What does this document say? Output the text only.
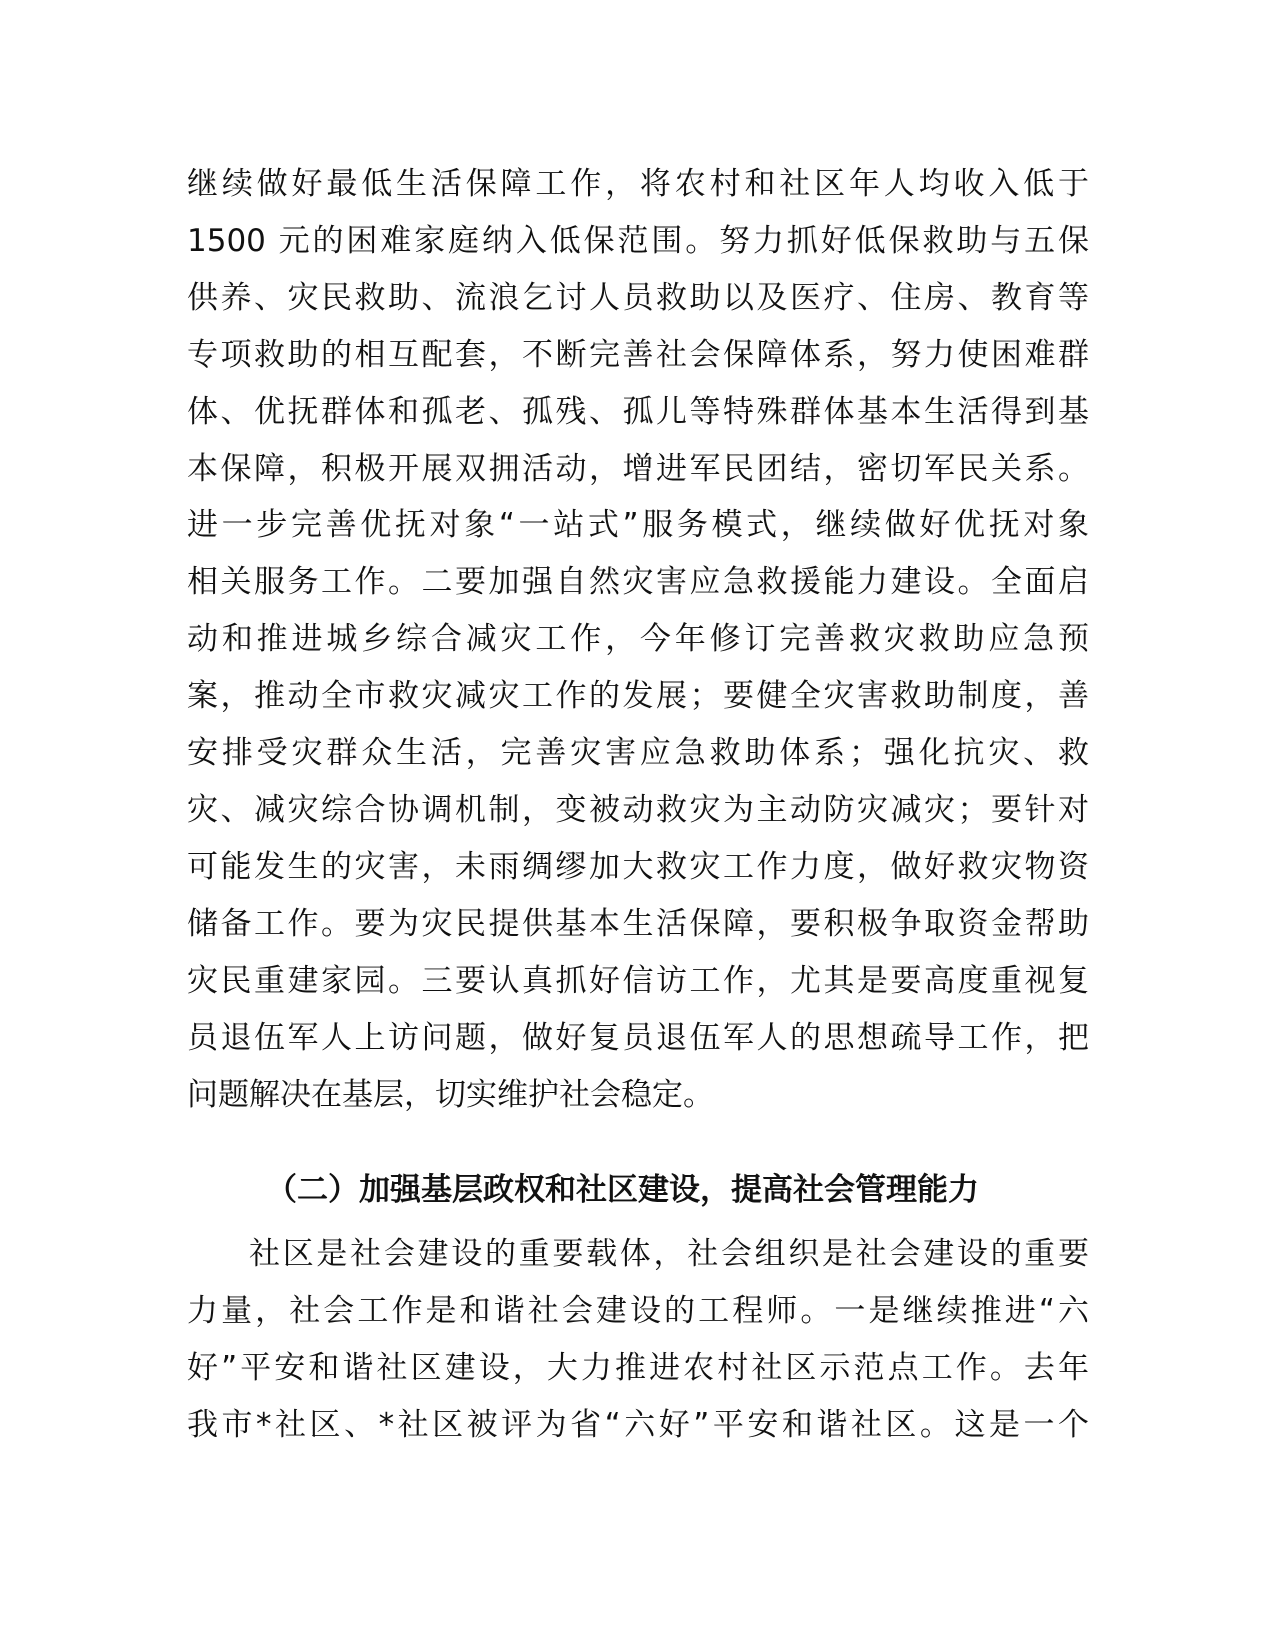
继续做好最低生活保障工作，将农村和社区年人均收入低于
1500 元的困难家庭纳入低保范围。努力抓好低保救助与五保
供养、灾民救助、流浪乞讨人员救助以及医疗、住房、教育等
专项救助的相互配套，不断完善社会保障体系，努力使困难群
体、优抚群体和孤老、孤残、孤儿等特殊群体基本生活得到基
本保障，积极开展双拥活动，增进军民团结，密切军民关系。
进一步完善优抚对象“一站式”服务模式，继续做好优抚对象
相关服务工作。二要加强自然灾害应急救援能力建设。全面启
动和推进城乡综合减灾工作，今年修订完善救灾救助应急预
案，推动全市救灾减灾工作的发展；要健全灾害救助制度，善
安排受灾群众生活，完善灾害应急救助体系；强化抗灾、救
灾、减灾综合协调机制，变被动救灾为主动防灾减灾；要针对
可能发生的灾害，未雨绸缪加大救灾工作力度，做好救灾物资
储备工作。要为灾民提供基本生活保障，要积极争取资金帮助
灾民重建家园。三要认真抓好信访工作，尤其是要高度重视复
员退伍军人上访问题，做好复员退伍军人的思想疏导工作，把
问题解决在基层，切实维护社会稳定。
（二）加强基层政权和社区建设，提高社会管理能力
社区是社会建设的重要载体，社会组织是社会建设的重要
力量，社会工作是和谐社会建设的工程师。一是继续推进“六
好”平安和谐社区建设，大力推进农村社区示范点工作。去年
我市*社区、*社区被评为省“六好”平安和谐社区。这是一个
